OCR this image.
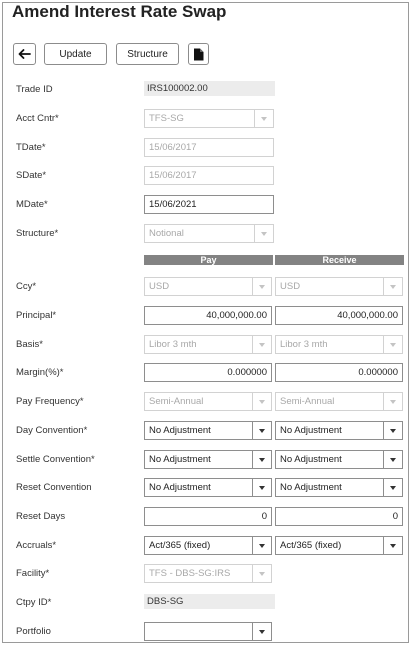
Amend Interest Rate Swap
Update	Structure
Trade ID	IRS100002.00
Acct Cntr*	TFS-SG
TDate*	15/06/2017
SDate*	15/06/2017
MDate*	15/06/2021
Structure*	Notional
Pay	Receive
Ccy*	USD	USD
Principal*	40,000,000.00	40,000,000.00
Basis*	Libor 3 mth	Libor 3 mth
Margin(%)*	0.000000	0.000000
Pay Frequency*	Semi-Annual	Semi-Annual
Day Convention*	No Adjustment	No Adjustment
Settle Convention*	No Adjustment	No Adjustment
Reset Convention	No Adjustment	No Adjustment
Reset Days	0	0
Accruals*	Act/365 (fixed)	Act/365 (fixed)
Facility*	TFS - DBS-SG:IRS
Ctpy ID*	DBS-SG
Portfolio
